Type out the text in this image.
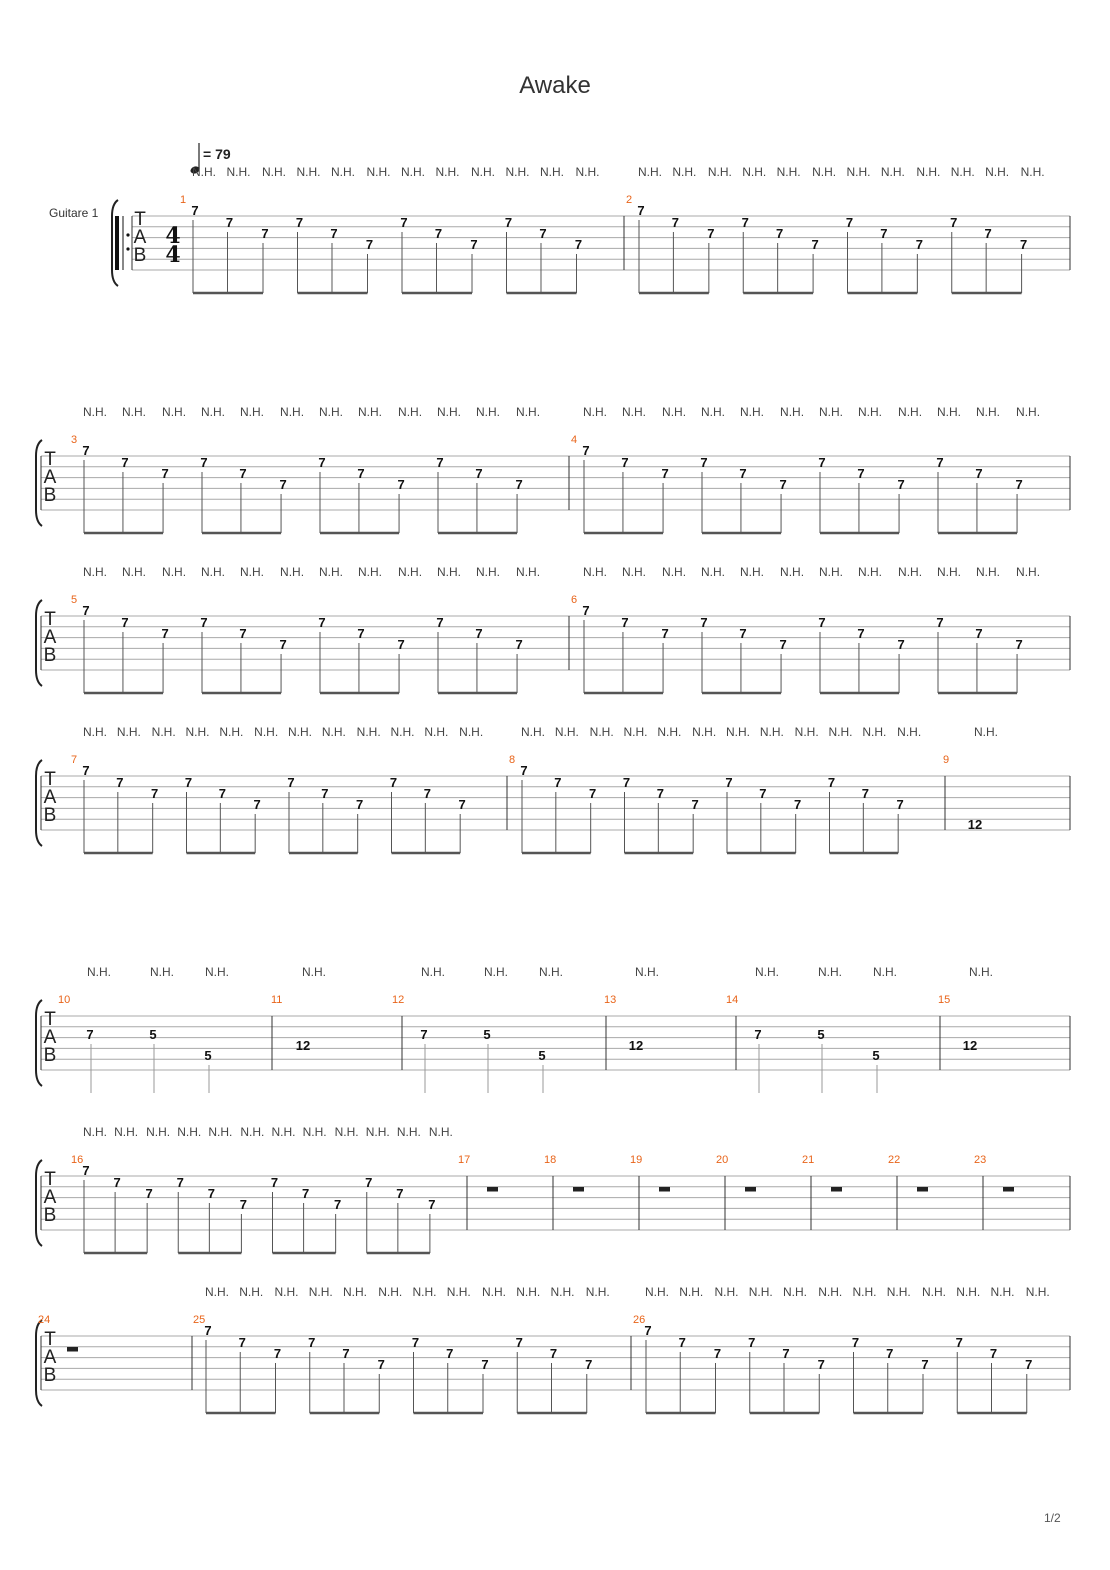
Awake
Guitare 1
= 79
1/2
T
A
B
4
4
1
7
N.H.
7
N.H.
7
N.H.
7
N.H.
7
N.H.
7
N.H.
7
N.H.
7
N.H.
7
N.H.
7
N.H.
7
N.H.
7
N.H.
2
7
N.H.
7
N.H.
7
N.H.
7
N.H.
7
N.H.
7
N.H.
7
N.H.
7
N.H.
7
N.H.
7
N.H.
7
N.H.
7
N.H.
T
A
B
3
7
N.H.
7
N.H.
7
N.H.
7
N.H.
7
N.H.
7
N.H.
7
N.H.
7
N.H.
7
N.H.
7
N.H.
7
N.H.
7
N.H.
4
7
N.H.
7
N.H.
7
N.H.
7
N.H.
7
N.H.
7
N.H.
7
N.H.
7
N.H.
7
N.H.
7
N.H.
7
N.H.
7
N.H.
T
A
B
5
7
N.H.
7
N.H.
7
N.H.
7
N.H.
7
N.H.
7
N.H.
7
N.H.
7
N.H.
7
N.H.
7
N.H.
7
N.H.
7
N.H.
6
7
N.H.
7
N.H.
7
N.H.
7
N.H.
7
N.H.
7
N.H.
7
N.H.
7
N.H.
7
N.H.
7
N.H.
7
N.H.
7
N.H.
T
A
B
7
7
N.H.
7
N.H.
7
N.H.
7
N.H.
7
N.H.
7
N.H.
7
N.H.
7
N.H.
7
N.H.
7
N.H.
7
N.H.
7
N.H.
8
7
N.H.
7
N.H.
7
N.H.
7
N.H.
7
N.H.
7
N.H.
7
N.H.
7
N.H.
7
N.H.
7
N.H.
7
N.H.
7
N.H.
9
12
N.H.
T
A
B
10
7
N.H.
5
N.H.
5
N.H.
11
12
N.H.
12
7
N.H.
5
N.H.
5
N.H.
13
12
N.H.
14
7
N.H.
5
N.H.
5
N.H.
15
12
N.H.
T
A
B
16
7
N.H.
7
N.H.
7
N.H.
7
N.H.
7
N.H.
7
N.H.
7
N.H.
7
N.H.
7
N.H.
7
N.H.
7
N.H.
7
N.H.
17	18	19	20	21	22	23
T
A
B
24	25
7
N.H.
7
N.H.
7
N.H.
7
N.H.
7
N.H.
7
N.H.
7
N.H.
7
N.H.
7
N.H.
7
N.H.
7
N.H.
7
N.H.
26
7
N.H.
7
N.H.
7
N.H.
7
N.H.
7
N.H.
7
N.H.
7
N.H.
7
N.H.
7
N.H.
7
N.H.
7
N.H.
7
N.H.
